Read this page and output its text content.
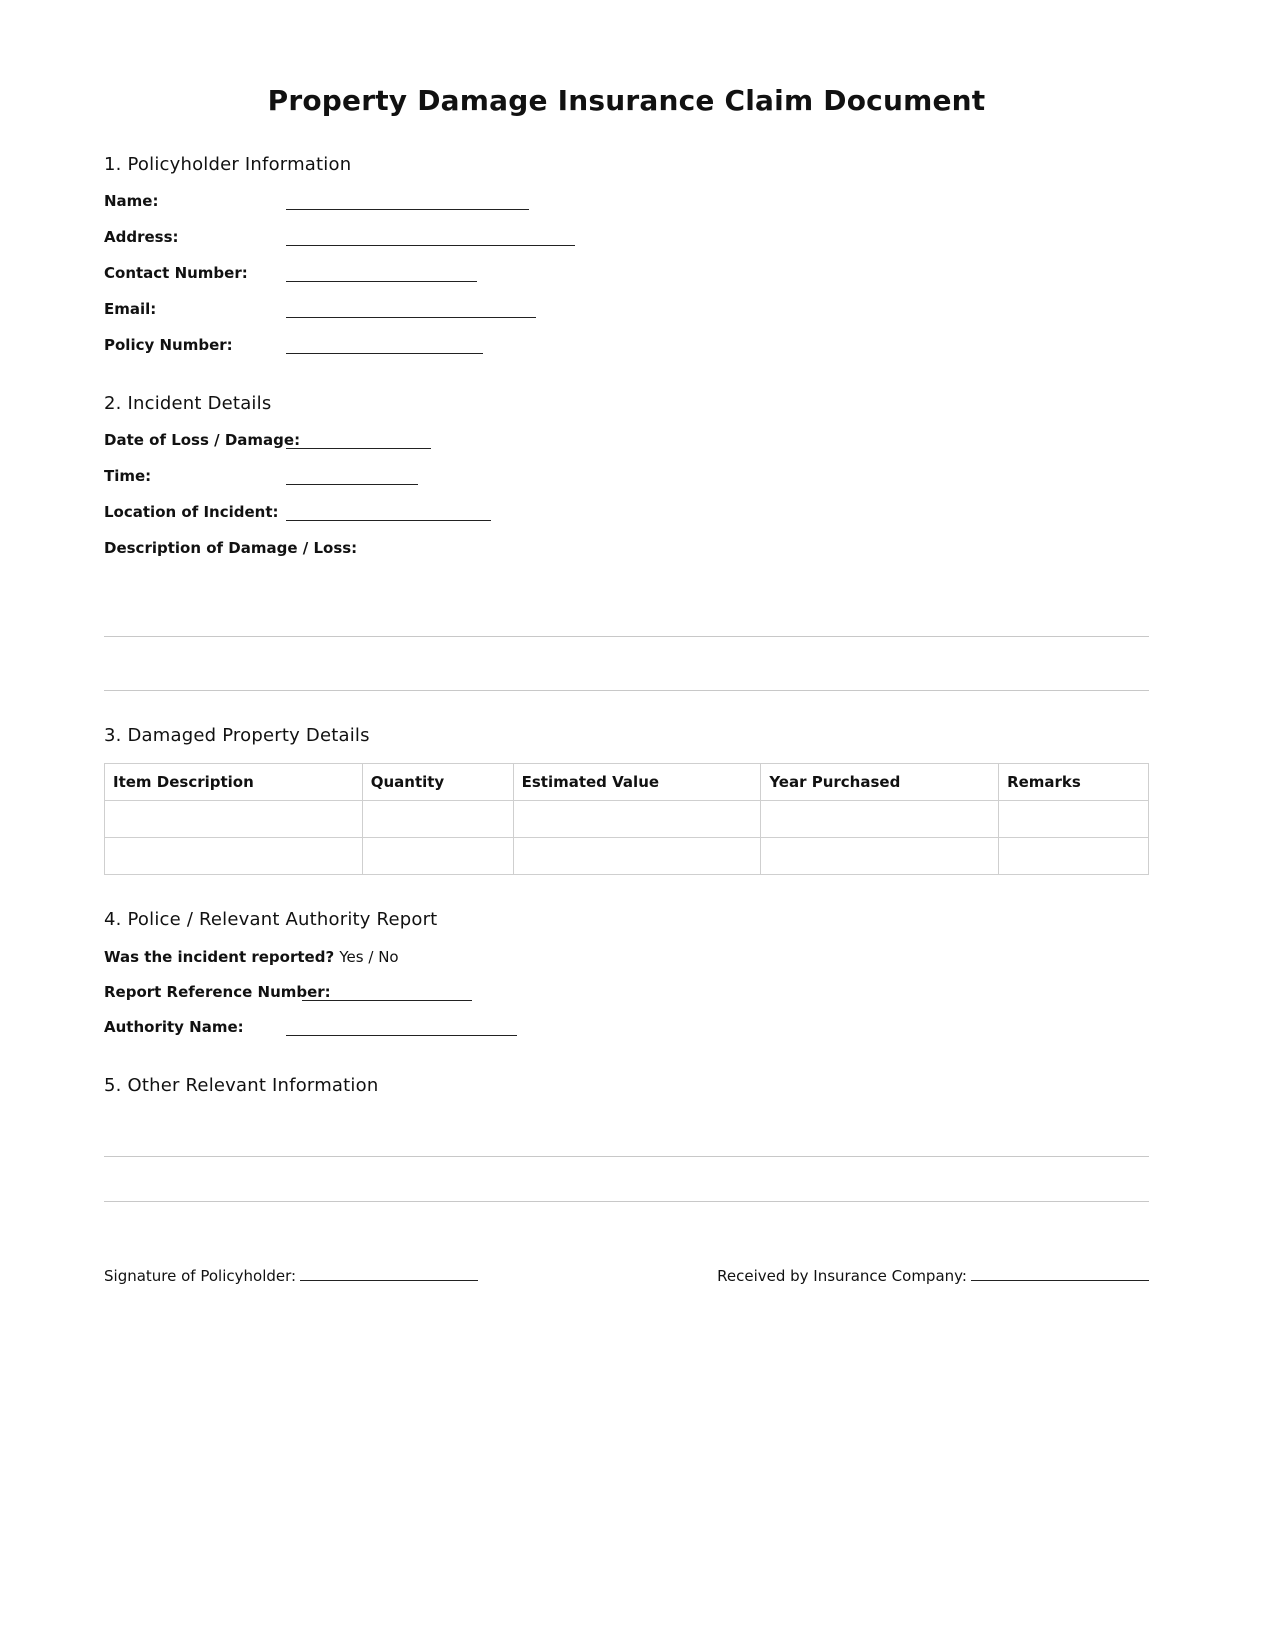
Property Damage Insurance Claim Document
1. Policyholder Information
Name:
Address:
Contact Number:
Email:
Policy Number:
2. Incident Details
Date of Loss / Damage:
Time:
Location of Incident:
Description of Damage / Loss:
3. Damaged Property Details
Item Description	Quantity	Estimated Value	Year Purchased	Remarks

4. Police / Relevant Authority Report
Was the incident reported? Yes / No
Report Reference Number:
Authority Name:
5. Other Relevant Information
Signature of Policyholder:	Received by Insurance Company:
